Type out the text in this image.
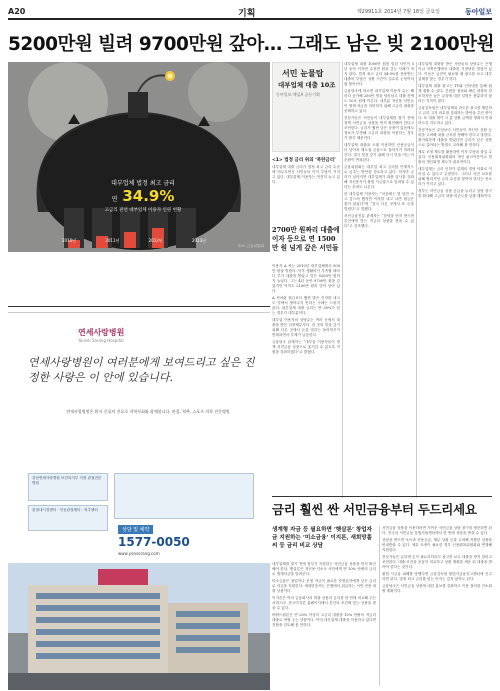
A20	기획	제29911호 2014년 7월 18일 금요일	동아일보
5200만원 빌려 9700만원 갚아… 그래도 남은 빚 2100만원
대부업체 법정 최고 금리
연 34.9%
고금리 관련 대부업체 이용자 인원 현황
2010년	2011년	2012년	2013년
자료: 금융위원회
서민 눈물탑
대부업체 대출 10조
동아일보·채널A 공동기획
<1> 법정 금리 위의 ‘폭탄금리’

대부업체 대출 금리가 법정 최고 금리 수준에 머무르면서 서민들의 이자 부담이 커지고 있다. 대부업체 이용자는 여전히 늘고 있다.

2700만 원짜리 대출에 이자 등으로 연 1500만 원 넘게 갚은 서민들

대부업체 대출 1000만 원을 빌린 서민이 5년 동안 이자만 수천만 원을 갚는 사례가 적지 않다. 법정 최고 금리 34.9%를 적용받는 대출의 부담은 상환 기간이 길수록 눈덩이처럼 불어난다.

금융당국에 따르면 대부업체 이용자 수는 해마다 증가해 250만 명을 넘어섰고 대출 잔액도 10조 원에 이른다. 대부분 저신용 서민들이 생계 자금을 마련하기 위해 고금리 대출을 선택하고 있다.

전문가들은 서민들이 대부업체를 찾기 전에 정책 서민금융 상품을 먼저 확인해야 한다고 조언한다. 금리가 훨씬 낮은 상품이 있음에도 정보가 부족해 고금리 대출을 이용하는 경우가 많기 때문이다.

대부업체 대출을 오래 이용하면 신용등급이 더 낮아져 제도권 금융으로 돌아가기 어려워진다. 결국 빚을 갚기 위해 다시 빚을 지는 악순환이 반복된다.

금융위원회는 대부업 최고 금리를 단계적으로 낮추는 방안을 검토하고 있다. 하지만 금리가 낮아지면 대부업체가 대출 심사를 강화해 저신용자가 불법 사금융으로 밀려날 수 있다는 우려도 나온다.

한 대부업체 이용자는 “처음에는 몇 달만 쓰고 갚으려 했지만 이자를 내고 나면 원금은 줄지 않았다”며 “결국 다른 곳에서 또 돈을 빌렸다”고 말했다.

서민금융진흥 관계자는 “상담을 먼저 받으면 본인에게 맞는 저금리 상품을 찾을 수 있다”고 강조했다.

대부업체 대출을 받은 사람들의 상당수는 은행이나 저축은행에서 대출을 거절당한 경험이 있다. 이들은 급전이 필요할 때 광고를 보고 대부업체를 찾는 경우가 많다.

대부업체 대출 광고는 TV와 인터넷을 통해 쉽게 접할 수 있다. 간편한 절차와 빠른 대출을 강조하지만 높은 금리에 대한 설명은 충분하지 않다는 지적이 많다.

금융감독원은 대부업체의 과도한 광고를 제한하고 금리 고지 의무를 강화하는 방안을 추진 중이다. 또 대출 계약 시 총 상환 금액을 명확히 안내하도록 지도하고 있다.

전문가들은 무엇보다 서민들이 자신의 상환 능력을 고려해 대출 규모를 정해야 한다고 말한다. 불가피하게 대출을 받았다면 금리가 낮은 상품으로 갈아타는 방법도 고려해 볼 만하다.

채무 조정 제도를 활용하면 이자 부담을 줄일 수 있다. 신용회복위원회의 개인 워크아웃이나 법원의 개인회생 제도가 대표적이다.

대부업계는 금리 인하가 업계의 경영 악화로 이어질 수 있다고 주장한다. 그러나 서민 보호를 위해 합리적인 금리 수준을 찾아야 한다는 목소리가 커지고 있다.

정부는 서민금융 상품 공급을 늘리고 상담 창구를 확대해 고금리 대출 의존도를 낮출 계획이다.

이용자 A 씨는 2010년 대부업체에서 500만 원을 빌렸다. 이후 생활비가 부족할 때마다 추가 대출을 받았고 빚은 5200만 원까지 늘었다. 그는 4년 동안 9700만 원을 갚았지만 아직도 2100만 원의 빚이 남아 있다.

A 씨처럼 원금보다 훨씬 많은 이자를 내고도 빚에서 벗어나지 못하는 사례는 드물지 않다. 대부업체 대출 금리는 연 30%가 넘는 경우가 대부분이다.

대부업 이용자의 상당수는 여러 곳에서 대출을 받은 다중채무자다. 한 곳의 빚을 갚기 위해 다른 곳에서 돈을 빌리는 돌려막기가 반복되면서 부채가 급증한다.

금융당국 관계자는 “대부업 이용자들이 정책 서민금융 상품으로 옮겨갈 수 있도록 지원을 강화하겠다”고 밝혔다.

연세사랑병원
Yonsei Sarang Hospital
연세사랑병원이 여러분에게 보여드리고 싶은 진정한 사랑은 이 안에 있습니다.
연세사랑병원은 환자 중심의 진료로 지역사회와 함께합니다. 관절, 척추, 스포츠 의학 전문병원
강남연세사랑병원 보건복지부 지정 관절전문병원
관절내시경센터 · 인공관절센터 · 척추센터
상담 및 예약
1577-0050
www.yonserang.com
금리 훨씬 싼 서민금융부터 두드리세요
생계형 자금 등 필요하면 ‘햇살론’ 창업자금 지원하는 ‘미소금융’ 이지론, 새희망홀씨 등 금리 비교 상담

대부업체를 찾기 전에 정부가 지원하는 서민금융 상품을 먼저 확인해야 한다. 햇살론은 저신용·저소득 서민에게 연 10% 안팎의 금리로 생계자금을 빌려준다.

미소금융은 창업이나 운영 자금이 필요한 자영업자에게 낮은 금리로 자금을 지원한다. 새희망홀씨는 은행에서 취급하는 서민 전용 대출 상품이다.

이지론은 여러 금융회사의 대출 상품과 금리를 한 번에 비교해 주는 서비스다. 한국이지론 홈페이지에서 본인의 조건에 맞는 상품을 찾을 수 있다.

바꿔드림론은 연 20% 이상의 고금리 대출을 10% 안팎의 저금리 대출로 바꿔 주는 상품이다. 이미 대부업체 대출을 이용하고 있다면 전환을 검토해 볼 만하다.

서민금융 상품을 이용하려면 가까운 서민금융 상담 창구를 방문하면 된다. 전국의 서민금융 통합지원센터에서 한 번에 상담을 받을 수 있다.

상담을 받으면 소득과 신용등급, 채무 상황 등을 고려해 적합한 상품을 안내받을 수 있다. 채무 조정이 필요한 경우 신용회복위원회와 연계해 지원한다.

전문가들은 급하게 돈이 필요하더라도 광고만 보고 대출을 받지 말라고 조언한다. 대출 조건을 꼼꼼히 비교하고 상환 계획을 세운 뒤 대출을 받아야 한다는 것이다.

불법 사금융 피해를 당했다면 금융감독원 불법사금융신고센터에 신고하면 된다. 법정 최고 금리를 넘는 이자는 갚지 않아도 된다.

금융당국은 서민금융 상품에 대한 홍보를 강화하고 이용 절차를 간소화할 계획이다.
